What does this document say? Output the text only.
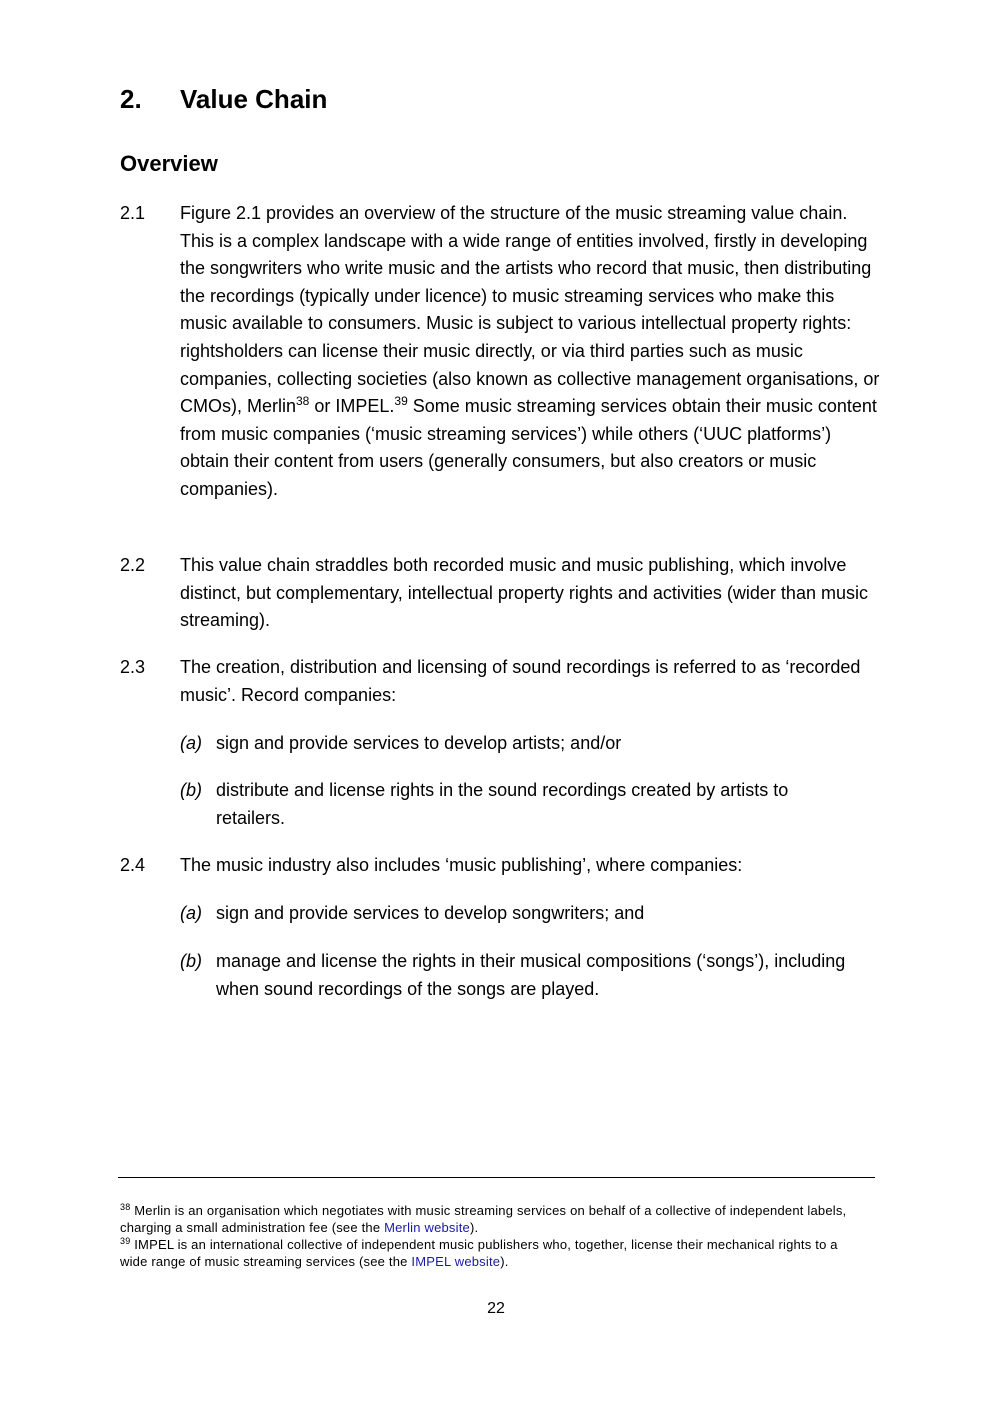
2. Value Chain
Overview
2.1 Figure 2.1 provides an overview of the structure of the music streaming value chain. This is a complex landscape with a wide range of entities involved, firstly in developing the songwriters who write music and the artists who record that music, then distributing the recordings (typically under licence) to music streaming services who make this music available to consumers. Music is subject to various intellectual property rights: rightsholders can license their music directly, or via third parties such as music companies, collecting societies (also known as collective management organisations, or CMOs), Merlin$^{38}$ or IMPEL.$^{39}$ Some music streaming services obtain their music content from music companies (‘music streaming services’) while others (‘UUC platforms’) obtain their content from users (generally consumers, but also creators or music companies).
2.2 This value chain straddles both recorded music and music publishing, which involve distinct, but complementary, intellectual property rights and activities (wider than music streaming).
2.3 The creation, distribution and licensing of sound recordings is referred to as ‘recorded music’. Record companies:
(a) sign and provide services to develop artists; and/or
(b) distribute and license rights in the sound recordings created by artists to retailers.
2.4 The music industry also includes ‘music publishing’, where companies:
(a) sign and provide services to develop songwriters; and
(b) manage and license the rights in their musical compositions (‘songs’), including when sound recordings of the songs are played.
$^{38}$ Merlin is an organisation which negotiates with music streaming services on behalf of a collective of independent labels, charging a small administration fee (see the Merlin website).
$^{39}$ IMPEL is an international collective of independent music publishers who, together, license their mechanical rights to a wide range of music streaming services (see the IMPEL website).
22
